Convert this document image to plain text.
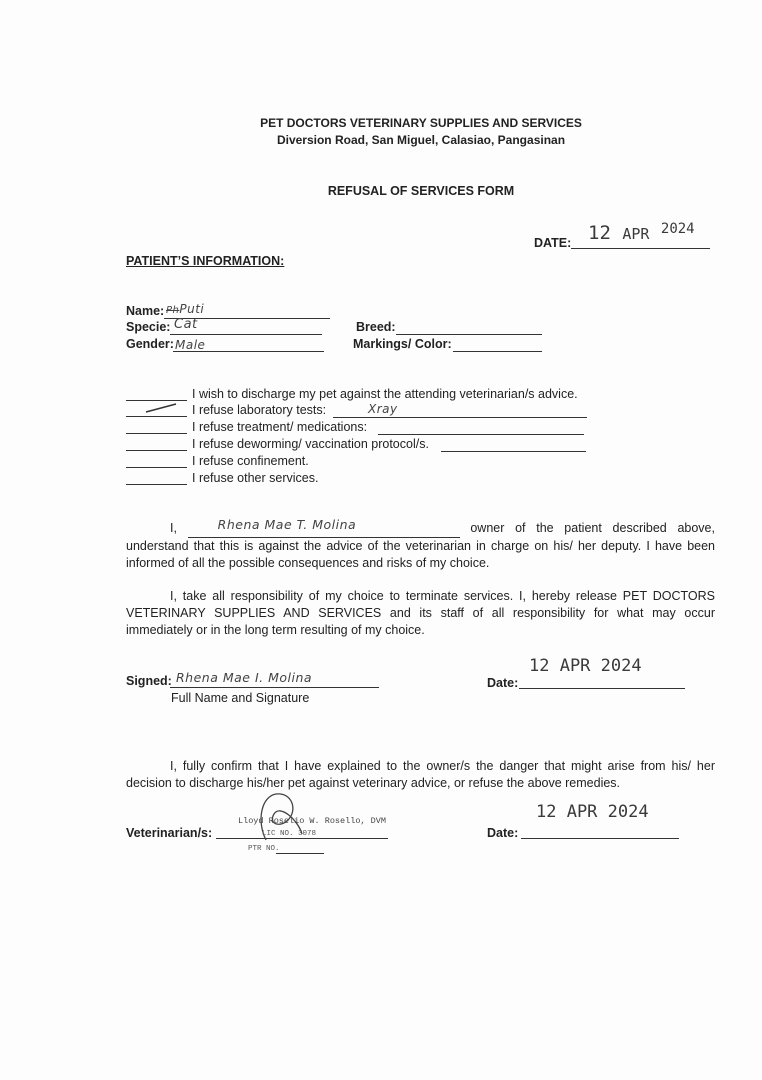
PET DOCTORS VETERINARY SUPPLIES AND SERVICES
Diversion Road, San Miguel, Calasiao, Pangasinan
REFUSAL OF SERVICES FORM
DATE: 12 APR $^{2024}$
PATIENT’S INFORMATION:
Name: PhPuti
Specie: Cat
Gender: Male
Breed:
Markings/ Color:
I wish to discharge my pet against the attending veterinarian/s advice.
I refuse laboratory tests:	Xray
I refuse treatment/ medications:
I refuse deworming/ vaccination protocol/s.
I refuse confinement.
I refuse other services.
I,	Rhena Mae T. Molina	owner of the patient described above, understand that this is against the advice of the veterinarian in charge on his/ her deputy. I have been informed of all the possible consequences and risks of my choice.
I, take all responsibility of my choice to terminate services. I, hereby release PET DOCTORS VETERINARY SUPPLIES AND SERVICES and its staff of all responsibility for what may occur immediately or in the long term resulting of my choice.
Signed: Rhena Mae I. Molina
Full Name and Signature
Date:
12 APR 2024
I, fully confirm that I have explained to the owner/s the danger that might arise from his/ her decision to discharge his/her pet against veterinary advice, or refuse the above remedies.
Veterinarian/s:
Lloyd Roselio W. Rosello, DVM
LIC NO. 3078
PTR NO.
Date:
12 APR 2024
